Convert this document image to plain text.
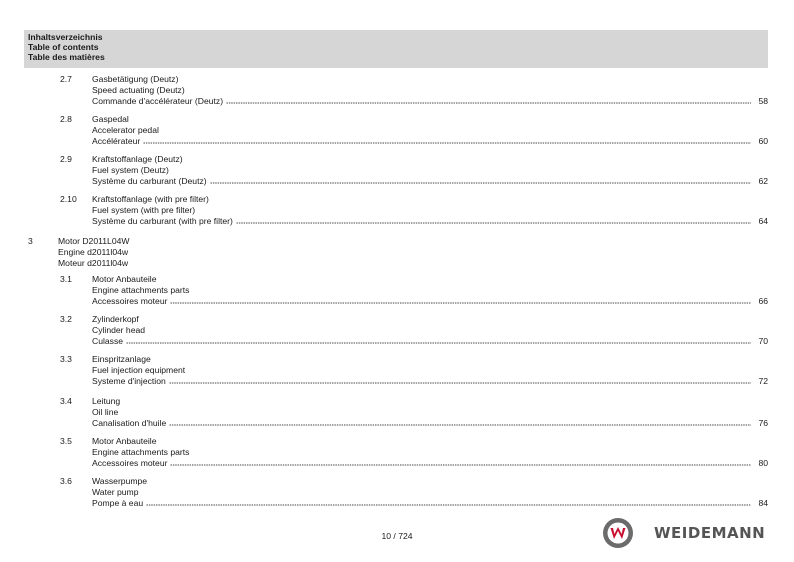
Inhaltsverzeichnis
Table of contents
Table des matières
2.7 Gasbetätigung (Deutz)
Speed actuating (Deutz)
Commande d'accélérateur (Deutz)	58
2.8 Gaspedal
Accelerator pedal
Accélérateur	60
2.9 Kraftstoffanlage (Deutz)
Fuel system (Deutz)
Système du carburant (Deutz)	62
2.10 Kraftstoffanlage (with pre filter)
Fuel system (with pre filter)
Système du carburant (with pre filter)	64
3	Motor D2011L04W
Engine d2011l04w
Moteur d2011l04w
3.1 Motor Anbauteile
Engine attachments parts
Accessoires moteur	66
3.2 Zylinderkopf
Cylinder head
Culasse	70
3.3 Einspritzanlage
Fuel injection equipment
Systeme d'injection	72
3.4 Leitung
Oil line
Canalisation d'huile	76
3.5 Motor Anbauteile
Engine attachments parts
Accessoires moteur	80
3.6 Wasserpumpe
Water pump
Pompe à eau	84
10 / 724	WEIDEMANN
